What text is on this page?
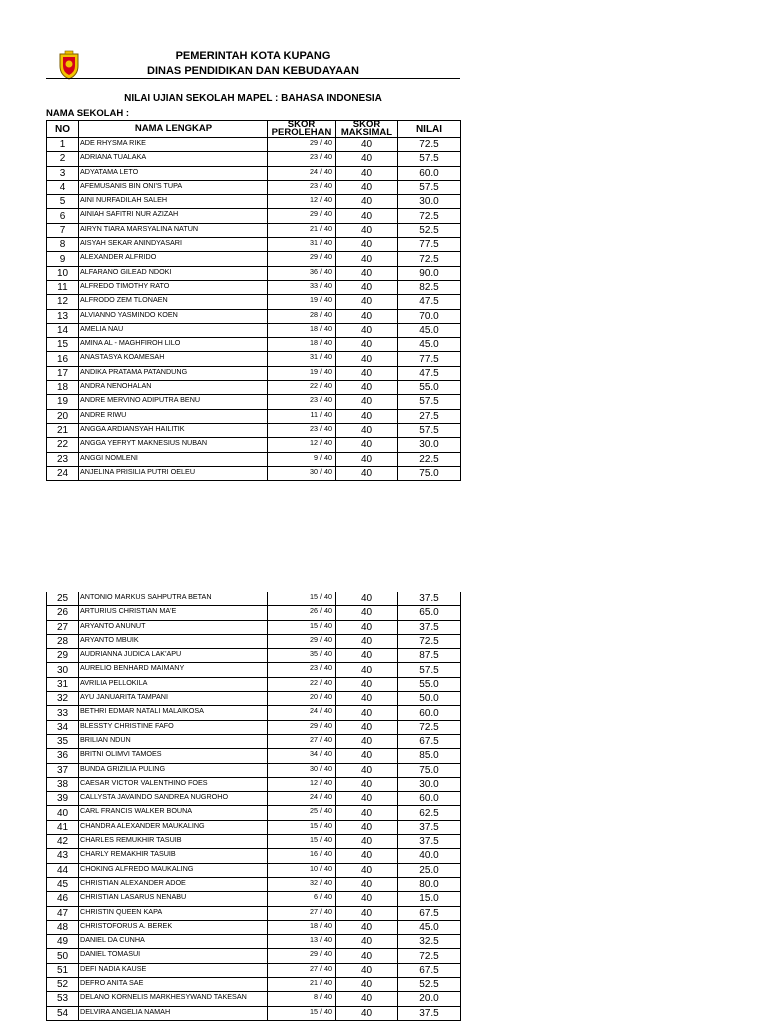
PEMERINTAH KOTA KUPANG
DINAS PENDIDIKAN DAN KEBUDAYAAN
NILAI UJIAN SEKOLAH MAPEL : BAHASA INDONESIA
NAMA SEKOLAH :
NO	NAMA LENGKAP	SKOR PEROLEHAN	SKOR MAKSIMAL	NILAI
1	ADE RHYSMA RIKE	29 / 40	40	72.5
2	ADRIANA TUALAKA	23 / 40	40	57.5
3	ADYATAMA LETO	24 / 40	40	60.0
4	AFEMUSANIS BIN ONI'S TUPA	23 / 40	40	57.5
5	AINI NURFADILAH SALEH	12 / 40	40	30.0
6	AINIAH SAFITRI NUR AZIZAH	29 / 40	40	72.5
7	AIRYN TIARA MARSYALINA NATUN	21 / 40	40	52.5
8	AISYAH SEKAR ANINDYASARI	31 / 40	40	77.5
9	ALEXANDER ALFRIDO	29 / 40	40	72.5
10	ALFARANO GILEAD NDOKI	36 / 40	40	90.0
11	ALFREDO TIMOTHY RATO	33 / 40	40	82.5
12	ALFRODO ZEM TLONAEN	19 / 40	40	47.5
13	ALVIANNO YASMINDO KOEN	28 / 40	40	70.0
14	AMELIA NAU	18 / 40	40	45.0
15	AMINA AL - MAGHFIROH LILO	18 / 40	40	45.0
16	ANASTASYA KOAMESAH	31 / 40	40	77.5
17	ANDIKA PRATAMA PATANDUNG	19 / 40	40	47.5
18	ANDRA NENOHALAN	22 / 40	40	55.0
19	ANDRE MERVINO ADIPUTRA BENU	23 / 40	40	57.5
20	ANDRE RIWU	11 / 40	40	27.5
21	ANGGA ARDIANSYAH HAILITIK	23 / 40	40	57.5
22	ANGGA YEFRYT MAKNESIUS NUBAN	12 / 40	40	30.0
23	ANGGI NOMLENI	9 / 40	40	22.5
24	ANJELINA PRISILIA PUTRI OELEU	30 / 40	40	75.0
25	ANTONIO MARKUS SAHPUTRA BETAN	15 / 40	40	37.5
26	ARTURIUS CHRISTIAN MA'E	26 / 40	40	65.0
27	ARYANTO ANUNUT	15 / 40	40	37.5
28	ARYANTO MBUIK	29 / 40	40	72.5
29	AUDRIANNA JUDICA LAK'APU	35 / 40	40	87.5
30	AURELIO BENHARD MAIMANY	23 / 40	40	57.5
31	AVRILIA PELLOKILA	22 / 40	40	55.0
32	AYU JANUARITA TAMPANI	20 / 40	40	50.0
33	BETHRI EDMAR NATALI MALAIKOSA	24 / 40	40	60.0
34	BLESSTY CHRISTINE FAFO	29 / 40	40	72.5
35	BRILIAN NDUN	27 / 40	40	67.5
36	BRITNI OLIMVI TAMOES	34 / 40	40	85.0
37	BUNDA GRIZILIA PULING	30 / 40	40	75.0
38	CAESAR VICTOR VALENTHINO FOES	12 / 40	40	30.0
39	CALLYSTA JAVAINDO SANDREA NUGROHO	24 / 40	40	60.0
40	CARL FRANCIS WALKER BOUNA	25 / 40	40	62.5
41	CHANDRA ALEXANDER MAUKALING	15 / 40	40	37.5
42	CHARLES REMUKHIR TASUIB	15 / 40	40	37.5
43	CHARLY REMAKHIR TASUIB	16 / 40	40	40.0
44	CHOKING ALFREDO MAUKALING	10 / 40	40	25.0
45	CHRISTIAN ALEXANDER ADOE	32 / 40	40	80.0
46	CHRISTIAN LASARUS NENABU	6 / 40	40	15.0
47	CHRISTIN QUEEN KAPA	27 / 40	40	67.5
48	CHRISTOFORUS A. BEREK	18 / 40	40	45.0
49	DANIEL DA CUNHA	13 / 40	40	32.5
50	DANIEL TOMASUI	29 / 40	40	72.5
51	DEFI NADIA KAUSE	27 / 40	40	67.5
52	DEFRO ANITA SAE	21 / 40	40	52.5
53	DELANO KORNELIS MARKHESYWAND TAKESAN	8 / 40	40	20.0
54	DELVIRA ANGELIA NAMAH	15 / 40	40	37.5
